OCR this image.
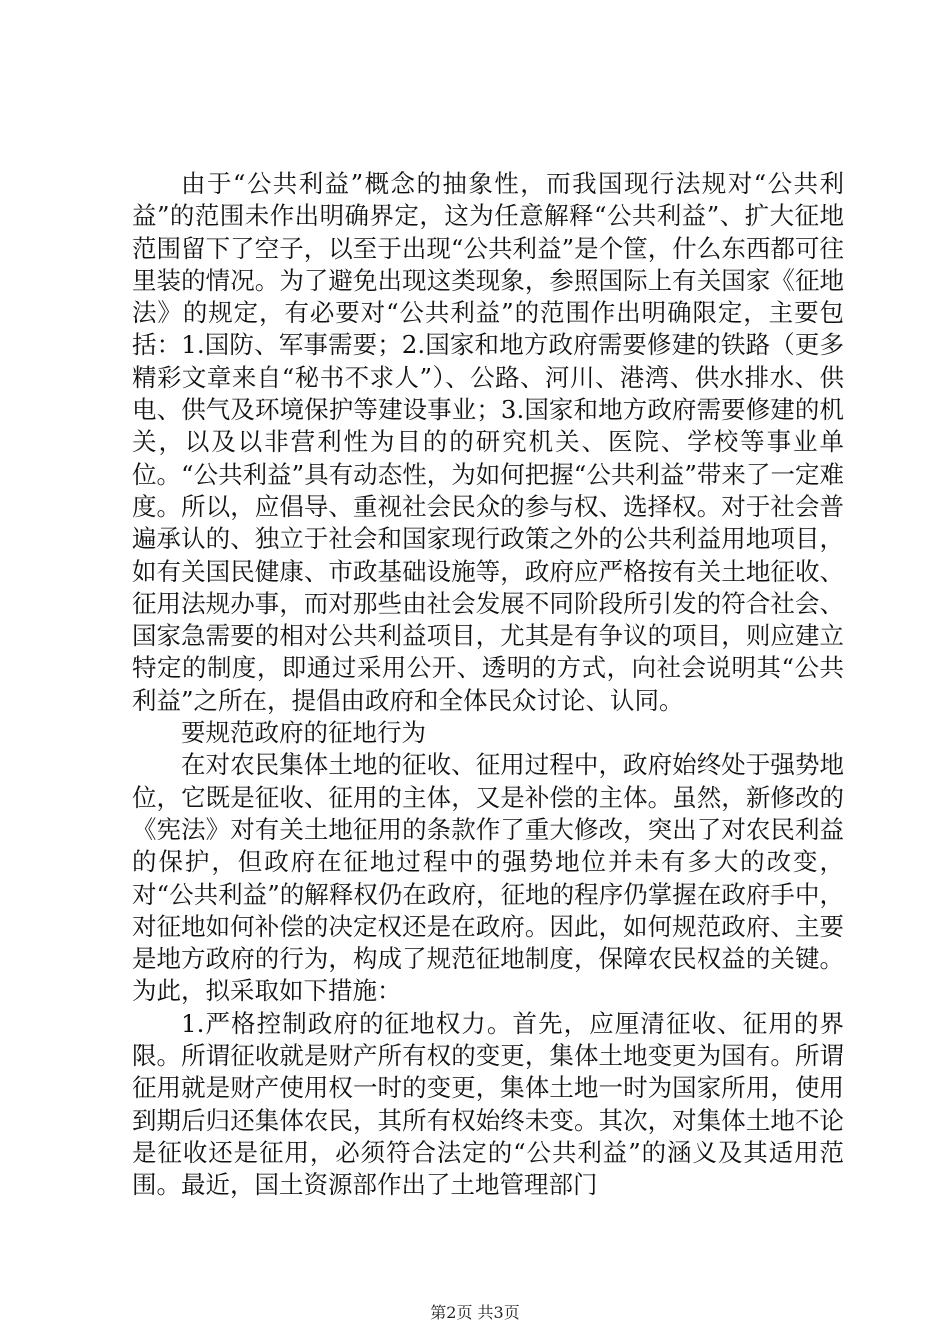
由于“公共利益”概念的抽象性，而我国现行法规对“公共利益”的范围未作出明确界定，这为任意解释“公共利益”、扩大征地范围留下了空子，以至于出现“公共利益”是个筐，什么东西都可往里装的情况。为了避免出现这类现象，参照国际上有关国家《征地法》的规定，有必要对“公共利益”的范围作出明确限定，主要包括：1.国防、军事需要；2.国家和地方政府需要修建的铁路（更多精彩文章来自“秘书不求人”）、公路、河川、港湾、供水排水、供电、供气及环境保护等建设事业；3.国家和地方政府需要修建的机关，以及以非营利性为目的的研究机关、医院、学校等事业单位。“公共利益”具有动态性，为如何把握“公共利益”带来了一定难度。所以，应倡导、重视社会民众的参与权、选择权。对于社会普遍承认的、独立于社会和国家现行政策之外的公共利益用地项目，如有关国民健康、市政基础设施等，政府应严格按有关土地征收、征用法规办事，而对那些由社会发展不同阶段所引发的符合社会、国家急需要的相对公共利益项目，尤其是有争议的项目，则应建立特定的制度，即通过采用公开、透明的方式，向社会说明其“公共利益”之所在，提倡由政府和全体民众讨论、认同。

要规范政府的征地行为

在对农民集体土地的征收、征用过程中，政府始终处于强势地位，它既是征收、征用的主体，又是补偿的主体。虽然，新修改的《宪法》对有关土地征用的条款作了重大修改，突出了对农民利益的保护，但政府在征地过程中的强势地位并未有多大的改变，对“公共利益”的解释权仍在政府，征地的程序仍掌握在政府手中，对征地如何补偿的决定权还是在政府。因此，如何规范政府、主要是地方政府的行为，构成了规范征地制度，保障农民权益的关键。为此，拟采取如下措施：

1.严格控制政府的征地权力。首先，应厘清征收、征用的界限。所谓征收就是财产所有权的变更，集体土地变更为国有。所谓征用就是财产使用权一时的变更，集体土地一时为国家所用，使用到期后归还集体农民，其所有权始终未变。其次，对集体土地不论是征收还是征用，必须符合法定的“公共利益”的涵义及其适用范围。最近，国土资源部作出了土地管理部门

第2页 共3页
